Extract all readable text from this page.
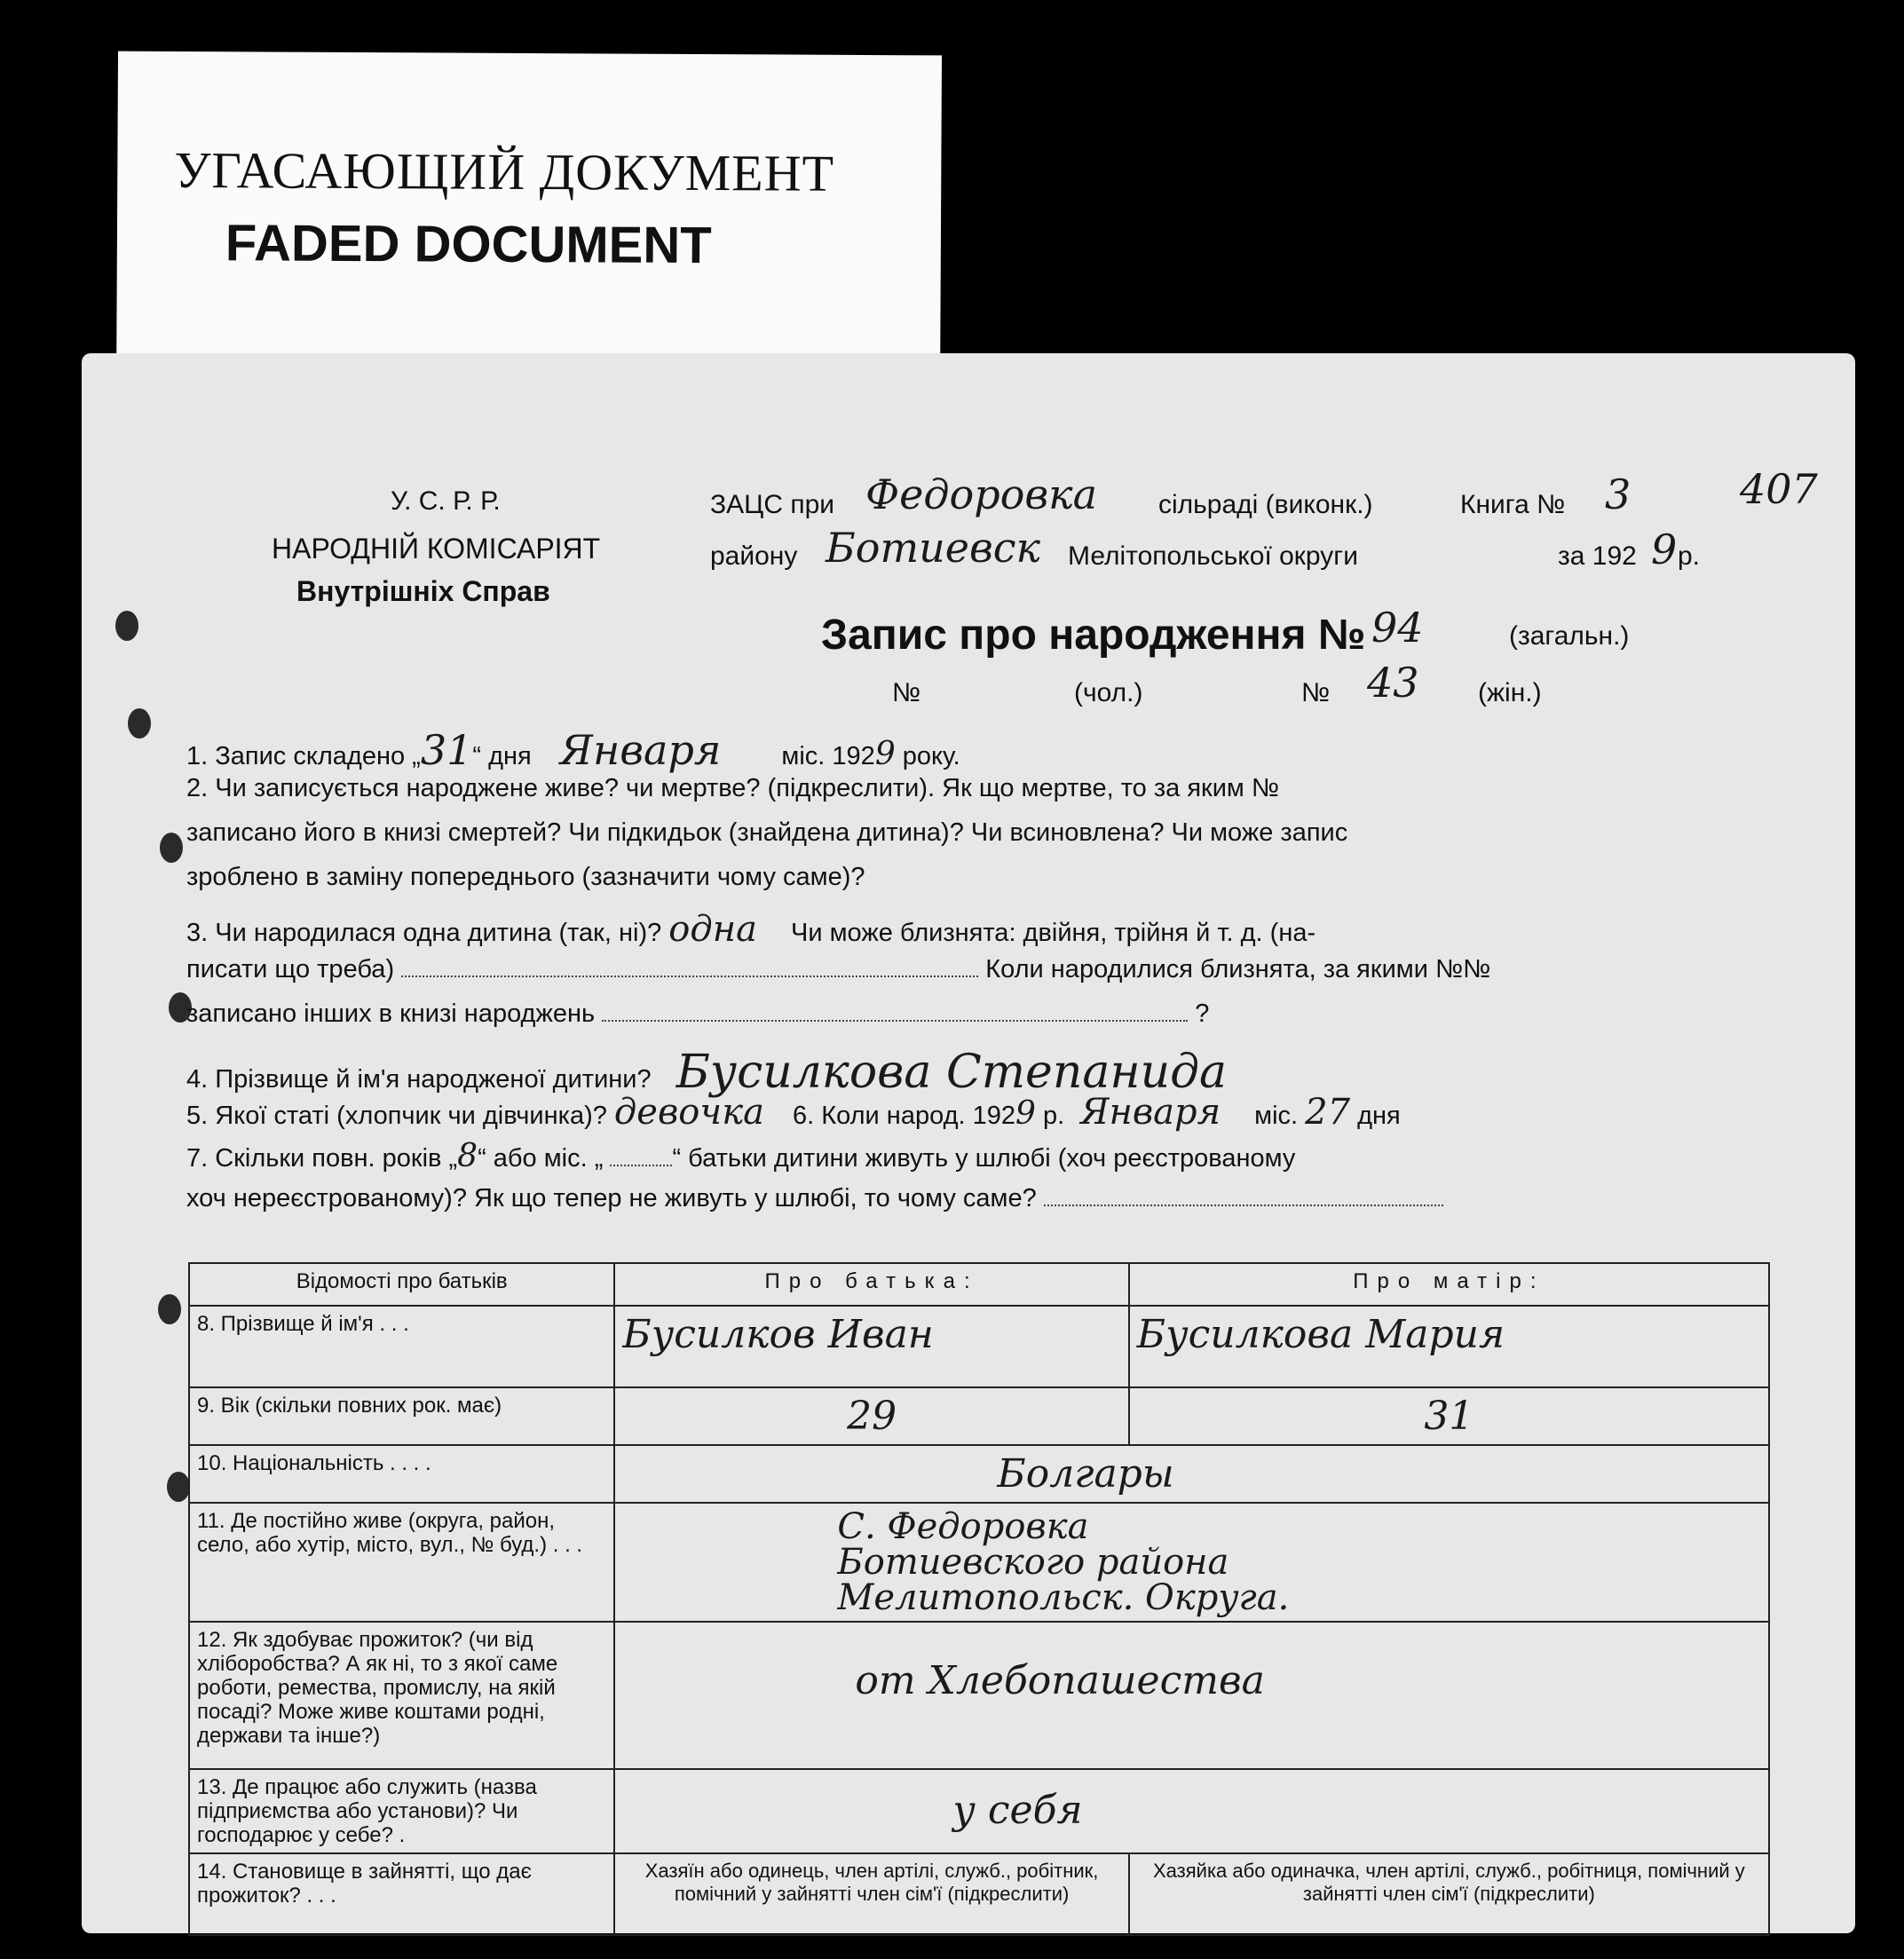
УГАСАЮЩИЙ ДОКУМЕНТ
FADED DOCUMENT
У. С. Р. Р.
НАРОДНІЙ КОМІСАРІЯТ
Внутрішніх Справ
ЗАЦС при Федоровка сільраді (виконк.)	Книга № 3	407
району Ботиевск Мелітопольської округи	за 192 9 р.
Запис про народження № 94	(загальн.)
№	(чол.)	№ 43 (жін.)
1. Запис складено „31“ дня Января міс. 1929 року.
2. Чи записується народжене живе? чи мертве? (підкреслити). Як що мертве, то за яким №
записано його в книзі смертей? Чи підкидьок (знайдена дитина)? Чи всиновлена? Чи може запис
зроблено в заміну попереднього (зазначити чому саме)?
3. Чи народилася одна дитина (так, ні)? одна Чи може близнята: двійня, трійня й т. д. (на-
писати що треба)	Коли народилися близнята, за якими №№
записано інших в книзі народжень	?
4. Прізвище й ім'я народженої дитини? Бусилкова Степанида
5. Якої статі (хлопчик чи дівчинка)? девочка 6. Коли народ. 1929 р. Января міс. 27 дня
7. Скільки повн. років „8“ або міс. „	“ батьки дитини живуть у шлюбі (хоч реєстрованому
хоч нереєстрованому)? Як що тепер не живуть у шлюбі, то чому саме?
Відомості про батьків	Про батька:	Про матір:
8. Прізвище й ім'я . . .	Бусилков Иван	Бусилкова Мария
9. Вік (скільки повних рок. має)	29	31
10. Національність . . . .	Болгары	
11. Де постійно живе (округа, район, село, або хутір, місто, вул., № буд.) . . .	С. Федоровка
Ботиевского района
Мелитопольск. Округа.	
12. Як здобуває прожиток? (чи від хліборобства? А як ні, то з якої саме роботи, ремества, промислу, на якій посаді? Може живе коштами родні, держави та інше?)	от Хлебопашества	
13. Де працює або служить (назва підприємства або установи)? Чи господарює у себе? .	у себя	
14. Становище в зайнятті, що дає прожиток? . . .	Хазяїн або одинець, член артілі, служб., робітник, помічний у зайнятті член сім'ї (підкреслити)	Хазяйка або одиначка, член артілі, служб., робітниця, помічний у зайнятті член сім'ї (підкреслити)
